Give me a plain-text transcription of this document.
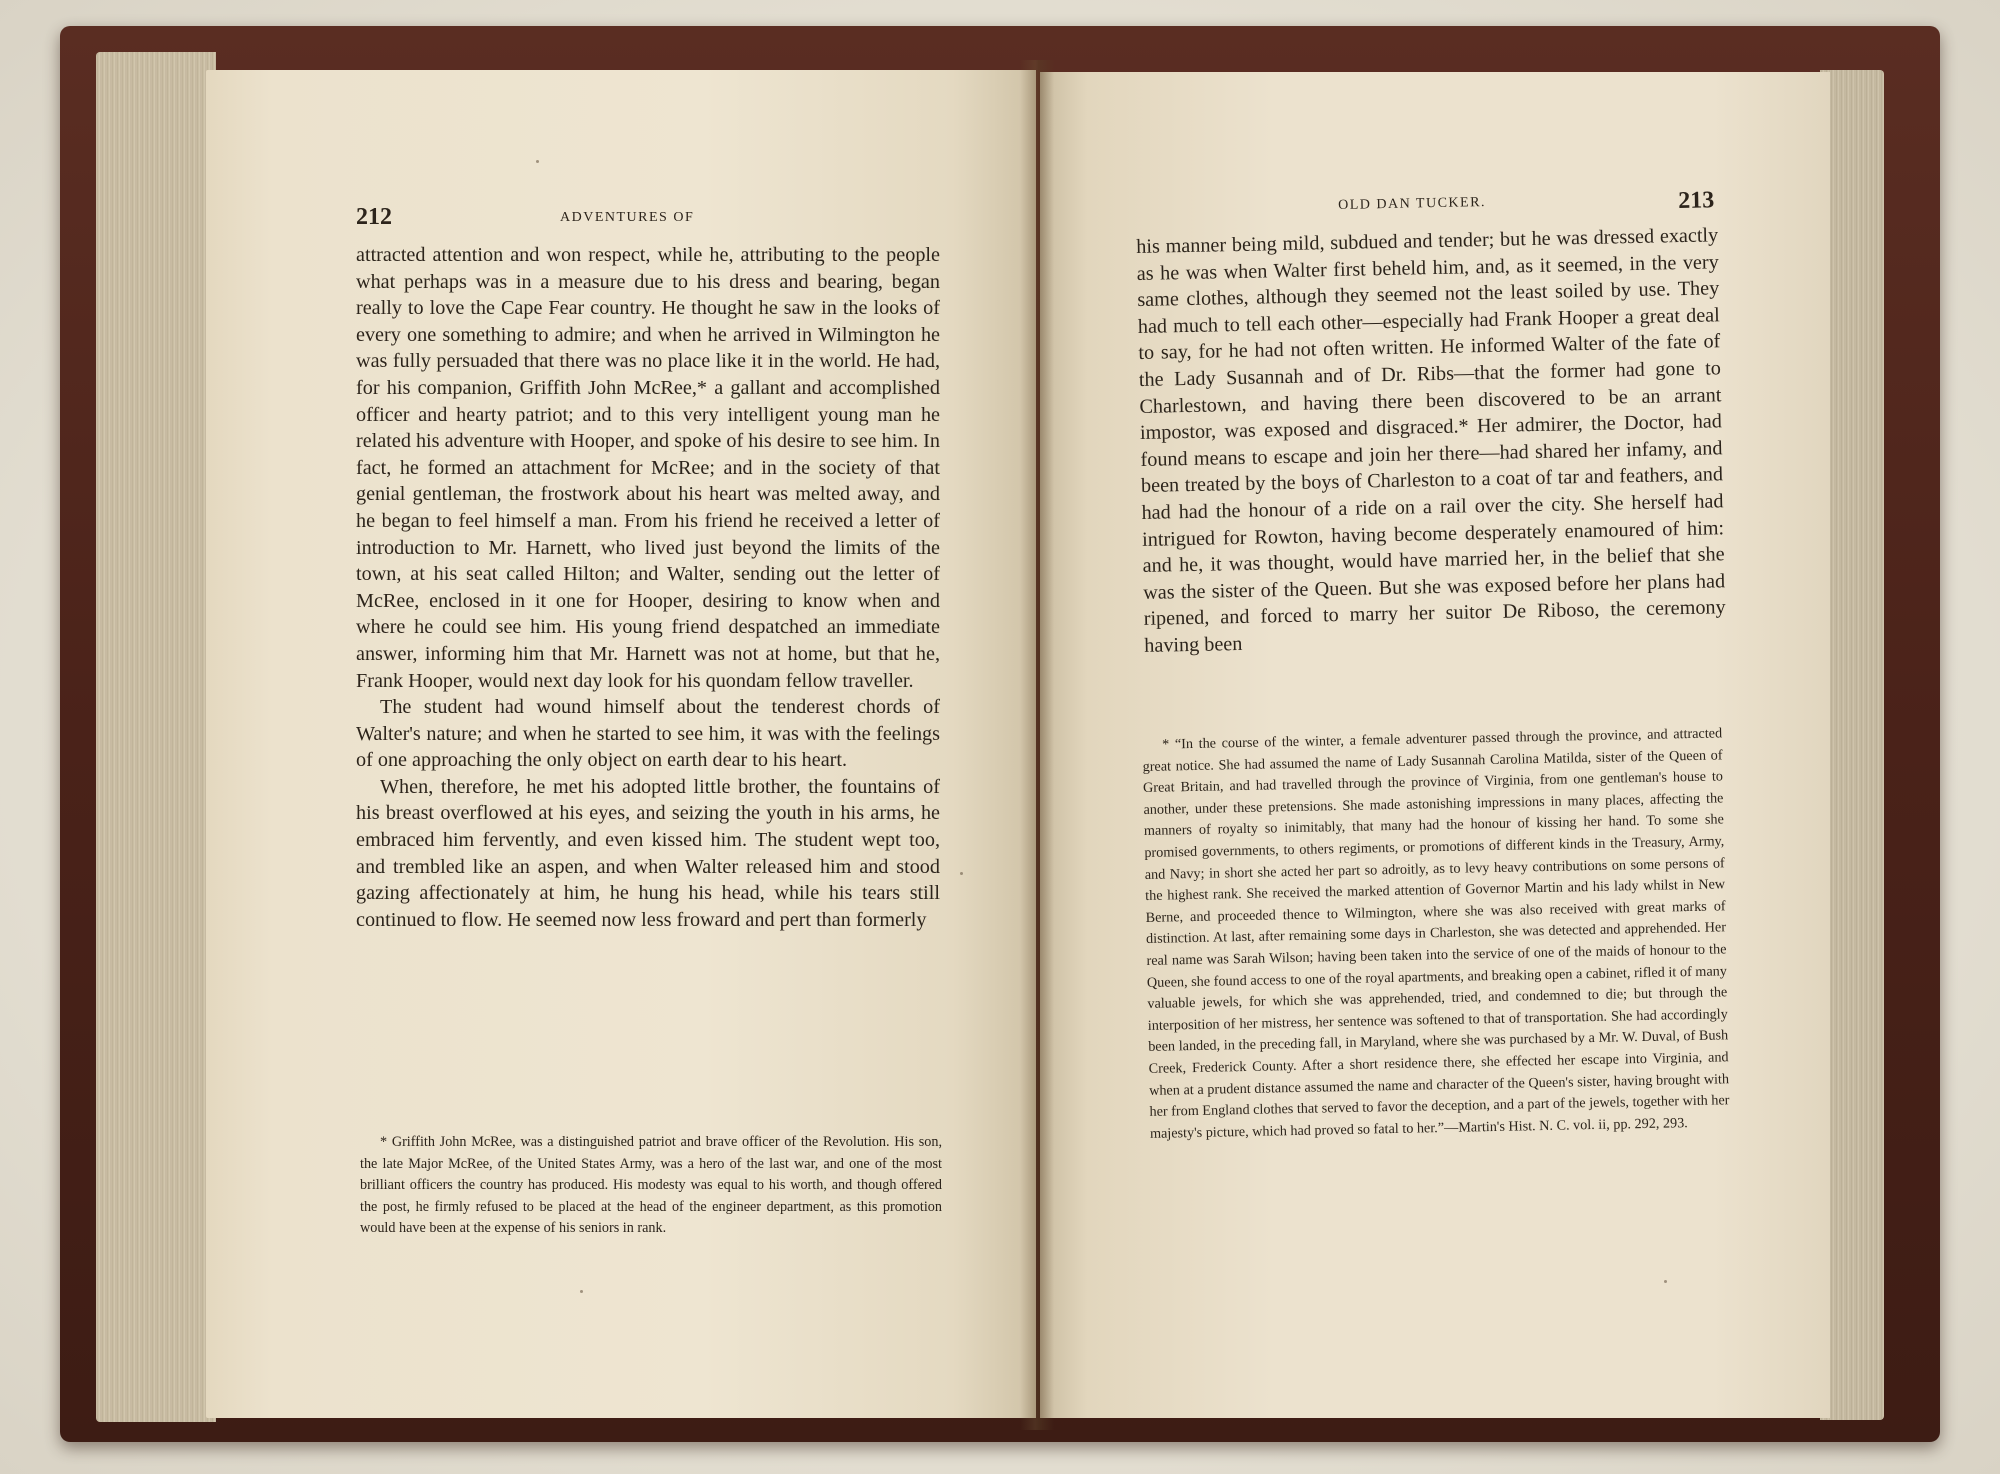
212	ADVENTURES OF

attracted attention and won respect, while he, attributing to the people what perhaps was in a measure due to his dress and bearing, began really to love the Cape Fear country. He thought he saw in the looks of every one something to admire; and when he arrived in Wilmington he was fully persuaded that there was no place like it in the world. He had, for his companion, Griffith John McRee,* a gallant and accomplished officer and hearty patriot; and to this very intelligent young man he related his adventure with Hooper, and spoke of his desire to see him. In fact, he formed an attachment for McRee; and in the society of that genial gentleman, the frostwork about his heart was melted away, and he began to feel himself a man. From his friend he received a letter of introduction to Mr. Harnett, who lived just beyond the limits of the town, at his seat called Hilton; and Walter, sending out the letter of McRee, enclosed in it one for Hooper, desiring to know when and where he could see him. His young friend despatched an immediate answer, informing him that Mr. Harnett was not at home, but that he, Frank Hooper, would next day look for his quondam fellow traveller.

The student had wound himself about the tenderest chords of Walter's nature; and when he started to see him, it was with the feelings of one approaching the only object on earth dear to his heart.

When, therefore, he met his adopted little brother, the fountains of his breast overflowed at his eyes, and seizing the youth in his arms, he embraced him fervently, and even kissed him. The student wept too, and trembled like an aspen, and when Walter released him and stood gazing affectionately at him, he hung his head, while his tears still continued to flow. He seemed now less froward and pert than formerly

* Griffith John McRee, was a distinguished patriot and brave officer of the Revolution. His son, the late Major McRee, of the United States Army, was a hero of the last war, and one of the most brilliant officers the country has produced. His modesty was equal to his worth, and though offered the post, he firmly refused to be placed at the head of the engineer department, as this promotion would have been at the expense of his seniors in rank.

OLD DAN TUCKER.	213

his manner being mild, subdued and tender; but he was dressed exactly as he was when Walter first beheld him, and, as it seemed, in the very same clothes, although they seemed not the least soiled by use. They had much to tell each other—especially had Frank Hooper a great deal to say, for he had not often written. He informed Walter of the fate of the Lady Susannah and of Dr. Ribs—that the former had gone to Charlestown, and having there been discovered to be an arrant impostor, was exposed and disgraced.* Her admirer, the Doctor, had found means to escape and join her there—had shared her infamy, and been treated by the boys of Charleston to a coat of tar and feathers, and had had the honour of a ride on a rail over the city. She herself had intrigued for Rowton, having become desperately enamoured of him: and he, it was thought, would have married her, in the belief that she was the sister of the Queen. But she was exposed before her plans had ripened, and forced to marry her suitor De Riboso, the ceremony having been

* “In the course of the winter, a female adventurer passed through the province, and attracted great notice. She had assumed the name of Lady Susannah Carolina Matilda, sister of the Queen of Great Britain, and had travelled through the province of Virginia, from one gentleman's house to another, under these pretensions. She made astonishing impressions in many places, affecting the manners of royalty so inimitably, that many had the honour of kissing her hand. To some she promised governments, to others regiments, or promotions of different kinds in the Treasury, Army, and Navy; in short she acted her part so adroitly, as to levy heavy contributions on some persons of the highest rank. She received the marked attention of Governor Martin and his lady whilst in New Berne, and proceeded thence to Wilmington, where she was also received with great marks of distinction. At last, after remaining some days in Charleston, she was detected and apprehended. Her real name was Sarah Wilson; having been taken into the service of one of the maids of honour to the Queen, she found access to one of the royal apartments, and breaking open a cabinet, rifled it of many valuable jewels, for which she was apprehended, tried, and condemned to die; but through the interposition of her mistress, her sentence was softened to that of transportation. She had accordingly been landed, in the preceding fall, in Maryland, where she was purchased by a Mr. W. Duval, of Bush Creek, Frederick County. After a short residence there, she effected her escape into Virginia, and when at a prudent distance assumed the name and character of the Queen's sister, having brought with her from England clothes that served to favor the deception, and a part of the jewels, together with her majesty's picture, which had proved so fatal to her.”—Martin's Hist. N. C. vol. ii, pp. 292, 293.
